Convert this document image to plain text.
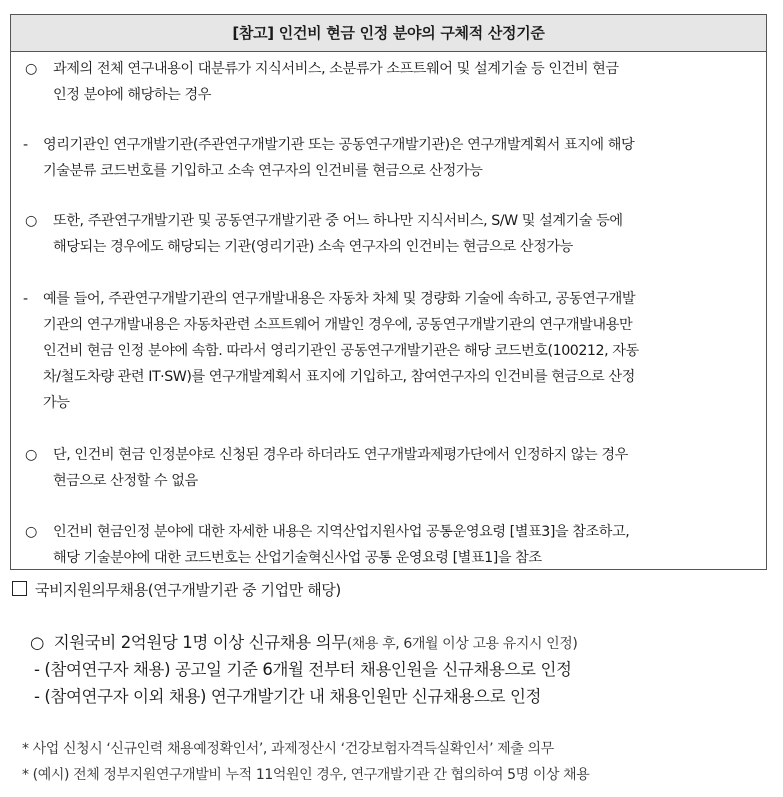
[참고] 인건비 현금 인정 분야의 구체적 산정기준
○	과제의 전체 연구내용이 대분류가 지식서비스, 소분류가 소프트웨어 및 설계기술 등 인건비 현금
인정 분야에 해당하는 경우
-	영리기관인 연구개발기관(주관연구개발기관 또는 공동연구개발기관)은 연구개발계획서 표지에 해당
기술분류 코드번호를 기입하고 소속 연구자의 인건비를 현금으로 산정가능
○	또한, 주관연구개발기관 및 공동연구개발기관 중 어느 하나만 지식서비스, S/W 및 설계기술 등에
해당되는 경우에도 해당되는 기관(영리기관) 소속 연구자의 인건비는 현금으로 산정가능
-	예를 들어, 주관연구개발기관의 연구개발내용은 자동차 차체 및 경량화 기술에 속하고, 공동연구개발
기관의 연구개발내용은 자동차관련 소프트웨어 개발인 경우에, 공동연구개발기관의 연구개발내용만
인건비 현금 인정 분야에 속함. 따라서 영리기관인 공동연구개발기관은 해당 코드번호(100212, 자동
차/철도차량 관련 IT·SW)를 연구개발계획서 표지에 기입하고, 참여연구자의 인건비를 현금으로 산정
가능
○	단, 인건비 현금 인정분야로 신청된 경우라 하더라도 연구개발과제평가단에서 인정하지 않는 경우
현금으로 산정할 수 없음
○	인건비 현금인정 분야에 대한 자세한 내용은 지역산업지원사업 공통운영요령 [별표3]을 참조하고,
해당 기술분야에 대한 코드번호는 산업기술혁신사업 공통 운영요령 [별표1]을 참조
국비지원의무채용(연구개발기관 중 기업만 해당)
○ 지원국비 2억원당 1명 이상 신규채용 의무(채용 후, 6개월 이상 고용 유지시 인정)
- (참여연구자 채용) 공고일 기준 6개월 전부터 채용인원을 신규채용으로 인정
- (참여연구자 이외 채용) 연구개발기간 내 채용인원만 신규채용으로 인정
* 사업 신청시 ‘신규인력 채용예정확인서’, 과제정산시 ‘건강보험자격득실확인서’ 제출 의무
* (예시) 전체 정부지원연구개발비 누적 11억원인 경우, 연구개발기관 간 협의하여 5명 이상 채용
